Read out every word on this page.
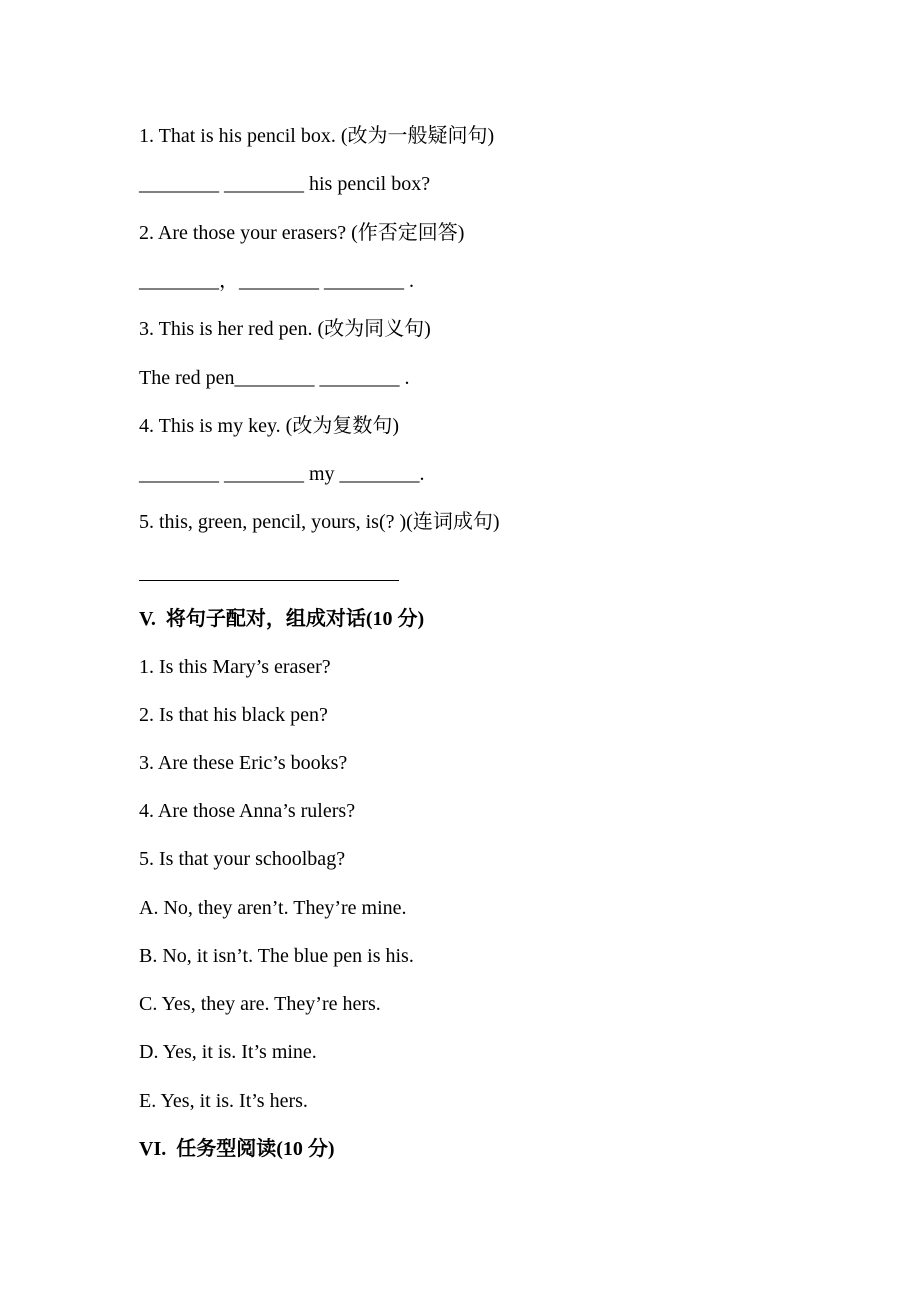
1. That is his pencil box. (改为一般疑问句)
________ ________ his pencil box?
2. Are those your erasers? (作否定回答)
________，________ ________ .
3. This is her red pen. (改为同义句)
The red pen________ ________ .
4. This is my key. (改为复数句)
________ ________ my ________.
5. this, green, pencil, yours, is(? )(连词成句)
V.  将句子配对，组成对话(10 分)
1. Is this Mary’s eraser?
2. Is that his black pen?
3. Are these Eric’s books?
4. Are those Anna’s rulers?
5. Is that your schoolbag?
A. No, they aren’t. They’re mine.
B. No, it isn’t. The blue pen is his.
C. Yes, they are. They’re hers.
D. Yes, it is. It’s mine.
E. Yes, it is. It’s hers.
VI.  任务型阅读(10 分)
